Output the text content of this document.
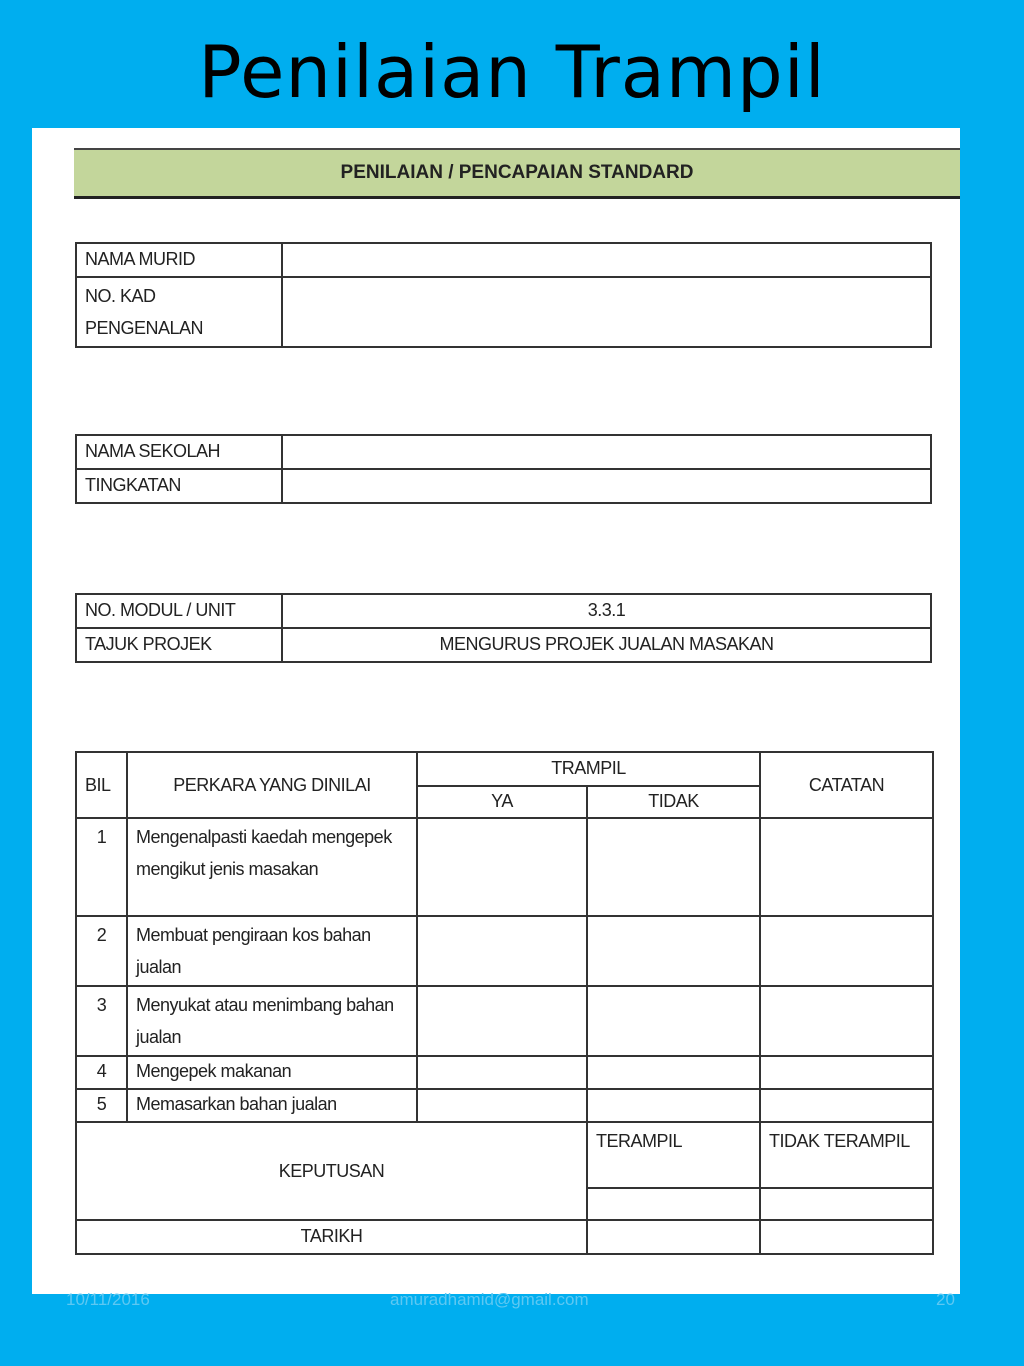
Penilaian Trampil
PENILAIAN / PENCAPAIAN STANDARD
NAMA MURID	

NO. KAD
PENGENALAN	

NAMA SEKOLAH	
TINGKATAN	
NO. MODUL / UNIT	3.3.1
TAJUK PROJEK	MENGURUS PROJEK JUALAN MASAKAN
BIL	PERKARA YANG DINILAI	TRAMPIL		CATATAN
		YA	TIDAK	
1	Mengenalpasti kaedah mengepek mengikut jenis masakan			
2	Membuat pengiraan kos bahan jualan			
3	Menyukat atau menimbang bahan jualan			
4	Mengepek makanan			
5	Memasarkan bahan jualan			
KEPUTUSAN			TERAMPIL	TIDAK TERAMPIL

TARIKH				
10/11/2016	amuradhamid@gmail.com	20
